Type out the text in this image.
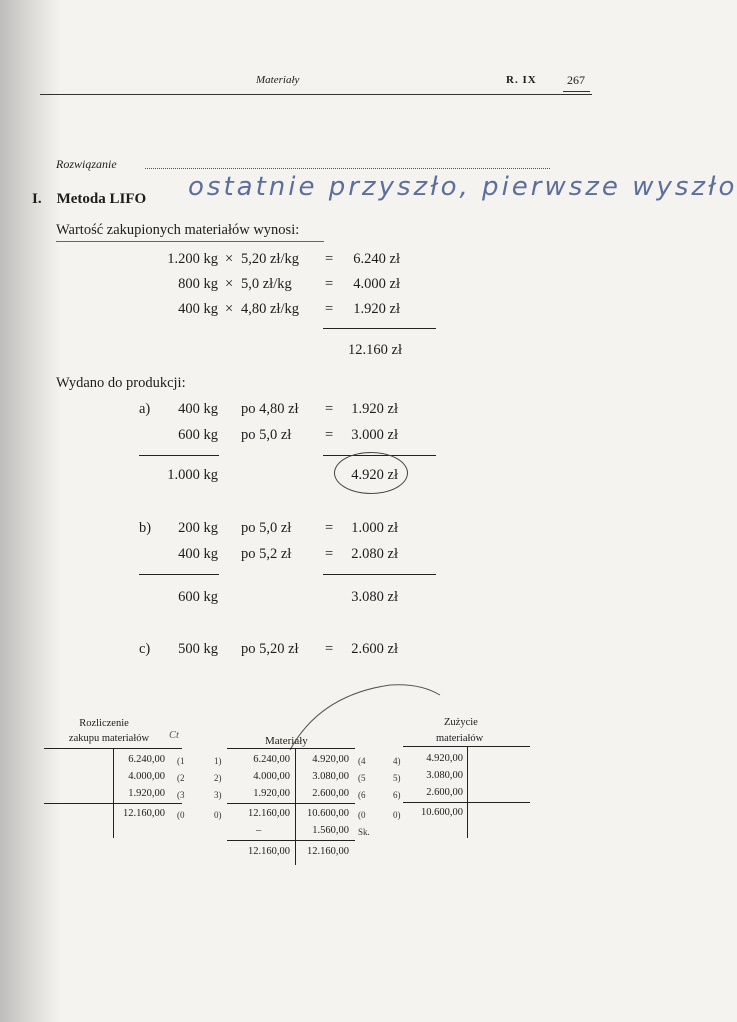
Materiały	R. IX	267
Rozwiązanie
I. Metoda LIFO ostatnie przyszło, pierwsze wyszło
Wartość zakupionych materiałów wynosi:
1.200 kg × 5,20 zł/kg =	6.240 zł
800 kg × 5,0 zł/kg =	4.000 zł
400 kg × 4,80 zł/kg =	1.920 zł
12.160 zł
Wydano do produkcji:
a)	400 kg po 4,80 zł =	1.920 zł
600 kg po 5,0 zł =	3.000 zł
1.000 kg	4.920 zł
b)	200 kg po 5,0 zł =	1.000 zł
400 kg po 5,2 zł =	2.080 zł
600 kg	3.080 zł
c)	500 kg po 5,20 zł =	2.600 zł
Rozliczenie
zakupu materiałów	Ct
6.240,00 (1
4.000,00 (2
1.920,00 (3
12.160,00 (0
Materiały
1)	6.240,00	4.920,00 (4
2)	4.000,00	3.080,00 (5
3)	1.920,00	2.600,00 (6
0)	12.160,00	10.600,00 (0
–	1.560,00 Sk.
12.160,00	12.160,00
Zużycie
materiałów
4)	4.920,00
5)	3.080,00
6)	2.600,00
0)	10.600,00
